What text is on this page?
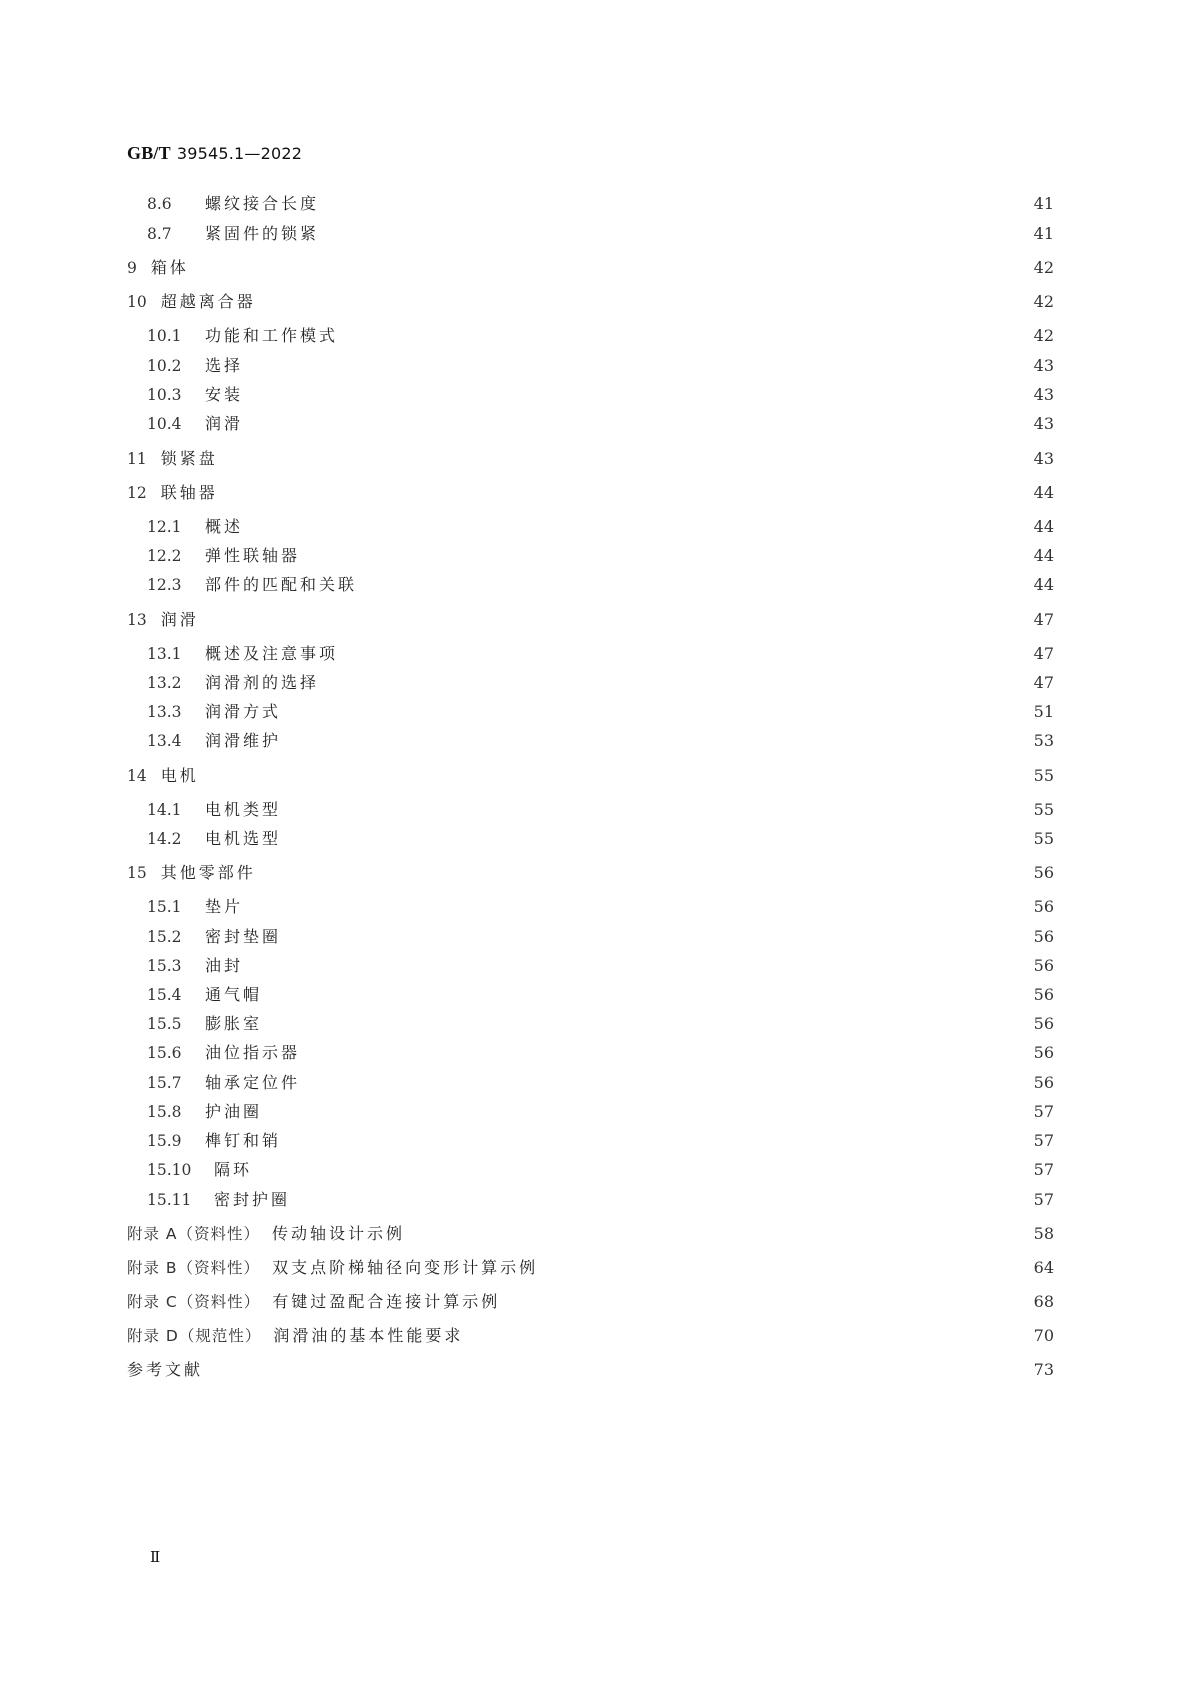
GB/T 39545.1—2022
8.6	螺纹接合长度	41
8.7	紧固件的锁紧	41
9 箱体	42
10 超越离合器	42
10.1	功能和工作模式	42
10.2	选择	43
10.3	安装	43
10.4	润滑	43
11 锁紧盘	43
12 联轴器	44
12.1	概述	44
12.2	弹性联轴器	44
12.3	部件的匹配和关联	44
13 润滑	47
13.1	概述及注意事项	47
13.2	润滑剂的选择	47
13.3	润滑方式	51
13.4	润滑维护	53
14 电机	55
14.1	电机类型	55
14.2	电机选型	55
15 其他零部件	56
15.1	垫片	56
15.2	密封垫圈	56
15.3	油封	56
15.4	通气帽	56
15.5	膨胀室	56
15.6	油位指示器	56
15.7	轴承定位件	56
15.8	护油圈	57
15.9	榫钉和销	57
15.10	隔环	57
15.11	密封护圈	57
附录 A（资料性） 传动轴设计示例	58
附录 B（资料性） 双支点阶梯轴径向变形计算示例	64
附录 C（资料性） 有键过盈配合连接计算示例	68
附录 D（规范性） 润滑油的基本性能要求	70
参考文献	73
Ⅱ
